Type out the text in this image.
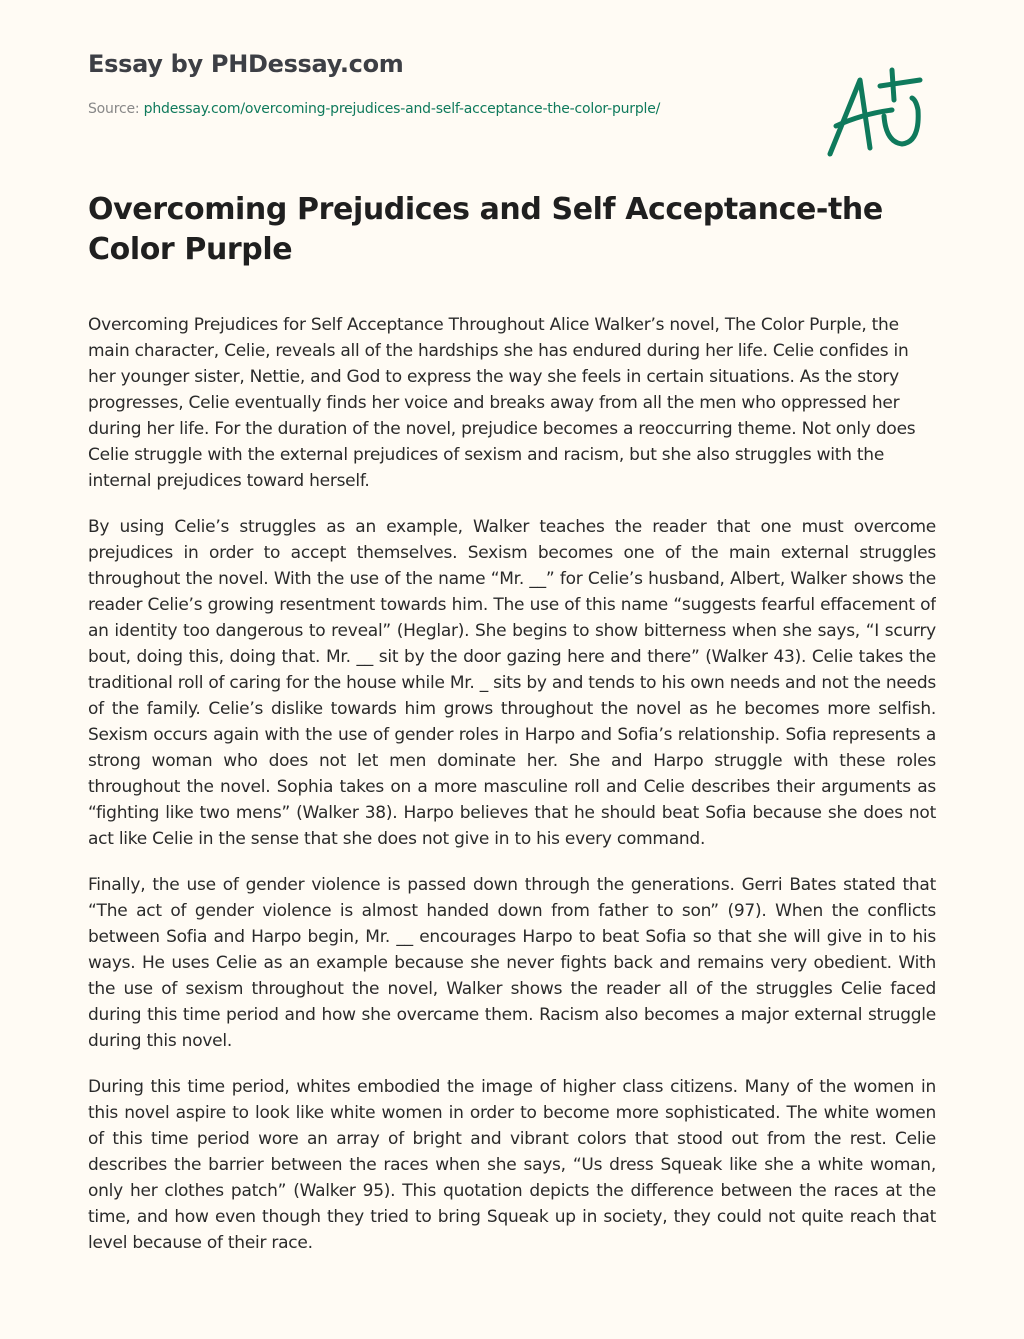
Essay by PHDessay.com
Source: phdessay.com/overcoming-prejudices-and-self-acceptance-the-color-purple/
Overcoming Prejudices and Self Acceptance-the Color Purple

Overcoming Prejudices for Self Acceptance Throughout Alice Walker’s novel, The Color Purple, the main character, Celie, reveals all of the hardships she has endured during her life. Celie confides in her younger sister, Nettie, and God to express the way she feels in certain situations. As the story progresses, Celie eventually finds her voice and breaks away from all the men who oppressed her during her life. For the duration of the novel, prejudice becomes a reoccurring theme. Not only does Celie struggle with the external prejudices of sexism and racism, but she also struggles with the internal prejudices toward herself.

By using Celie’s struggles as an example, Walker teaches the reader that one must overcome prejudices in order to accept themselves. Sexism becomes one of the main external struggles throughout the novel. With the use of the name “Mr. __” for Celie’s husband, Albert, Walker shows the reader Celie’s growing resentment towards him. The use of this name “suggests fearful effacement of an identity too dangerous to reveal” (Heglar). She begins to show bitterness when she says, “I scurry bout, doing this, doing that. Mr. __ sit by the door gazing here and there” (Walker 43). Celie takes the traditional roll of caring for the house while Mr. _ sits by and tends to his own needs and not the needs of the family. Celie’s dislike towards him grows throughout the novel as he becomes more selfish. Sexism occurs again with the use of gender roles in Harpo and Sofia’s relationship. Sofia represents a strong woman who does not let men dominate her. She and Harpo struggle with these roles throughout the novel. Sophia takes on a more masculine roll and Celie describes their arguments as “fighting like two mens” (Walker 38). Harpo believes that he should beat Sofia because she does not act like Celie in the sense that she does not give in to his every command.

Finally, the use of gender violence is passed down through the generations. Gerri Bates stated that “The act of gender violence is almost handed down from father to son” (97). When the conflicts between Sofia and Harpo begin, Mr. __ encourages Harpo to beat Sofia so that she will give in to his ways. He uses Celie as an example because she never fights back and remains very obedient. With the use of sexism throughout the novel, Walker shows the reader all of the struggles Celie faced during this time period and how she overcame them. Racism also becomes a major external struggle during this novel.

During this time period, whites embodied the image of higher class citizens. Many of the women in this novel aspire to look like white women in order to become more sophisticated. The white women of this time period wore an array of bright and vibrant colors that stood out from the rest. Celie describes the barrier between the races when she says, “Us dress Squeak like she a white woman, only her clothes patch” (Walker 95). This quotation depicts the difference between the races at the time, and how even though they tried to bring Squeak up in society, they could not quite reach that level because of their race.
